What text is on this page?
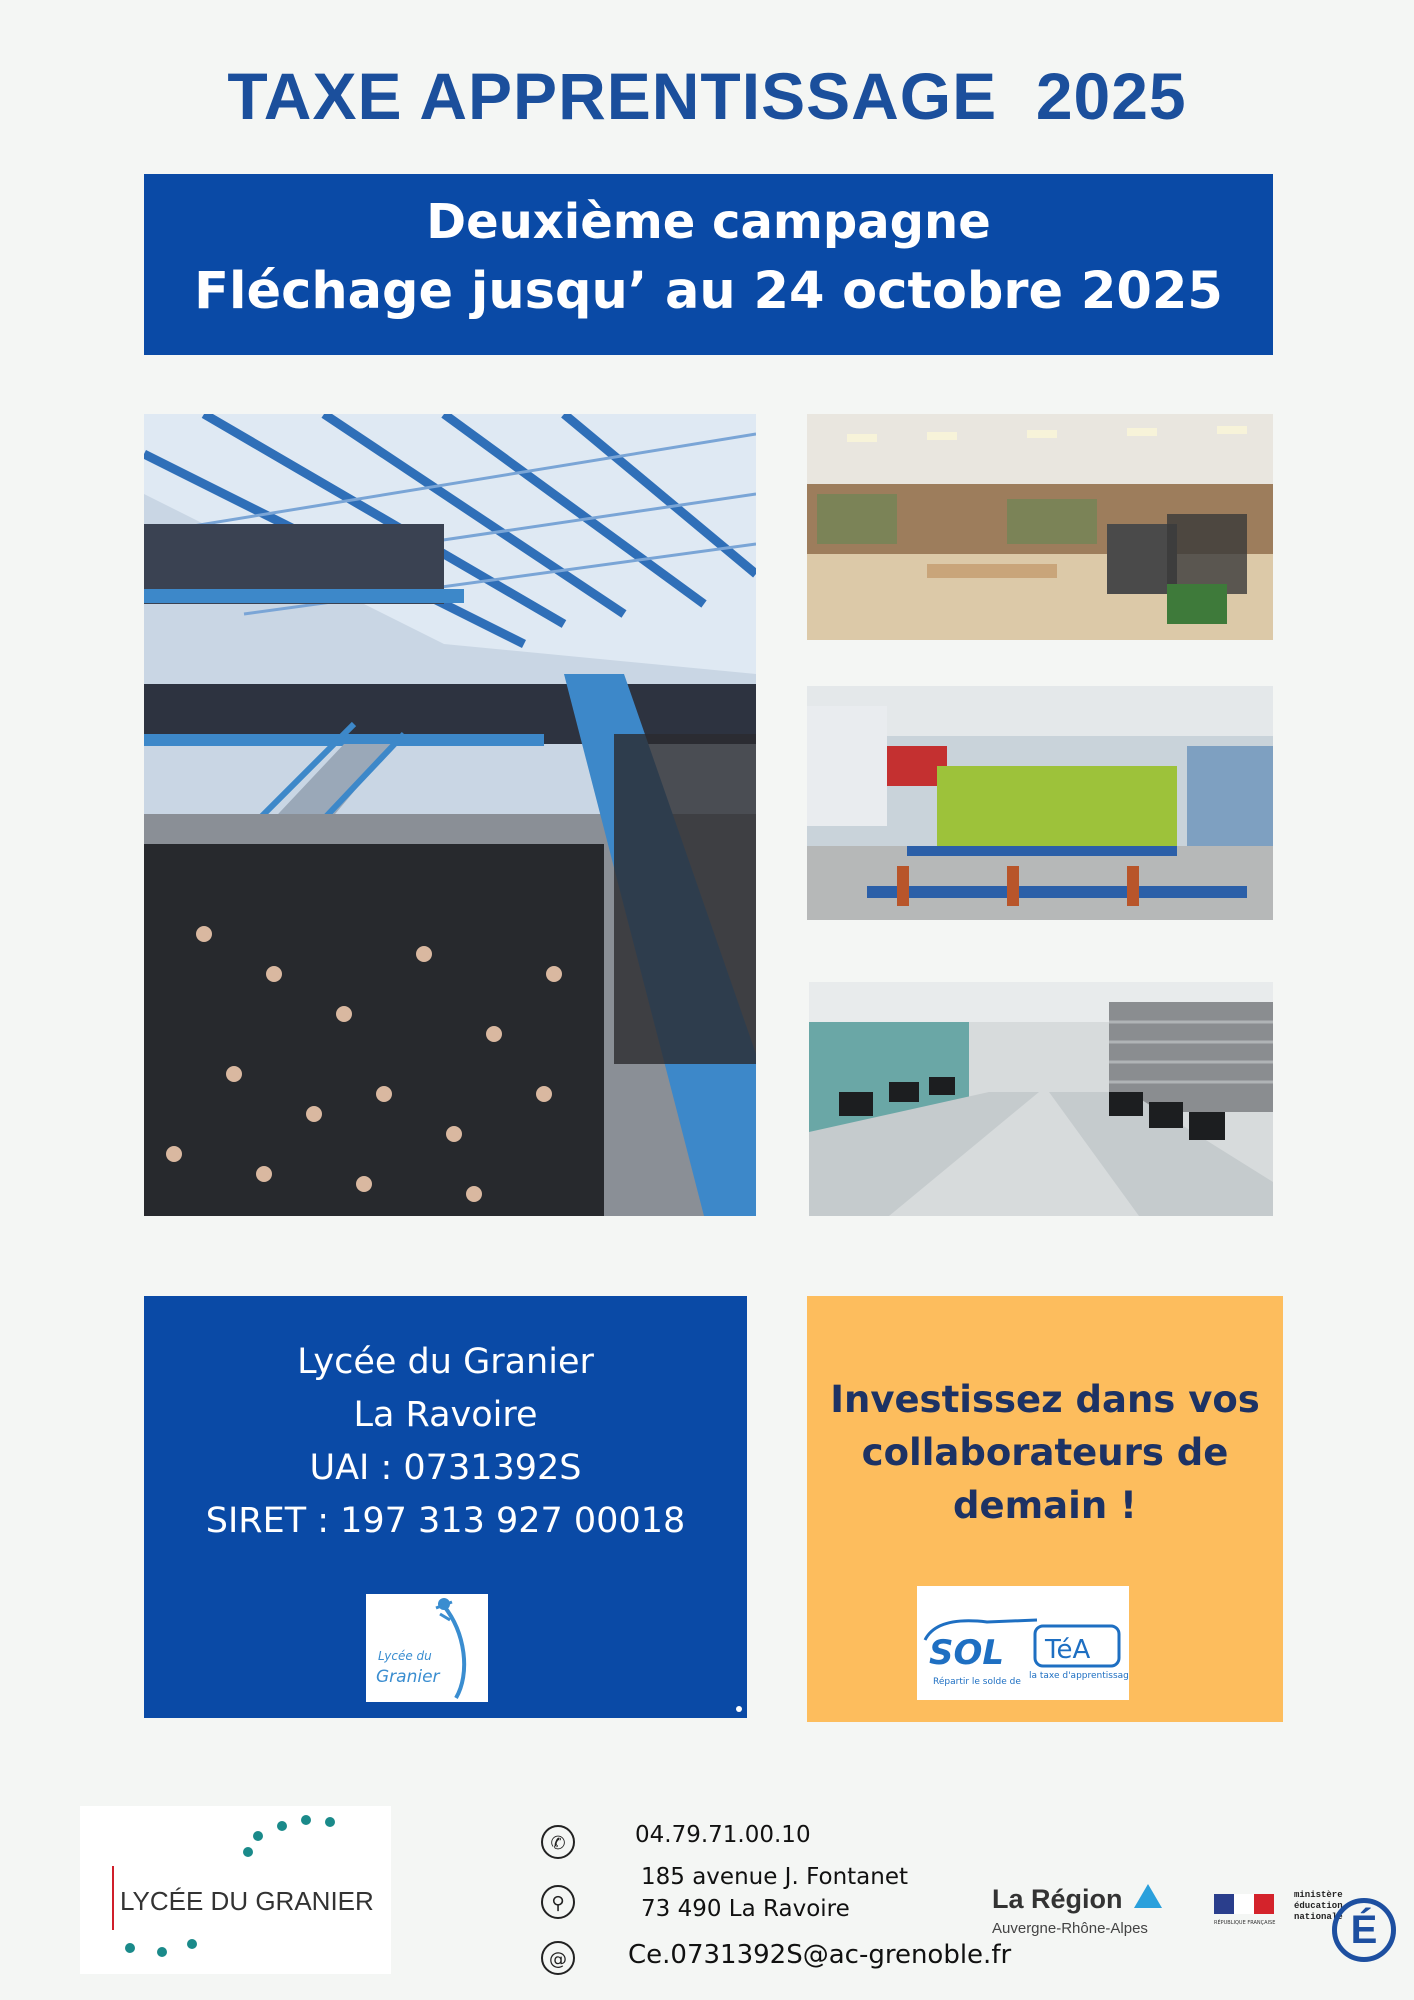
TAXE APPRENTISSAGE  2025
Deuxième campagne
Fléchage jusqu’ au 24 octobre 2025
Lycée du Granier
La Ravoire
UAI : 0731392S
SIRET : 197 313 927 00018
Lycée du
Granier
Investissez dans vos
collaborateurs de
demain !
SOL TéA
Répartir le solde de
la taxe d'apprentissage
LYCÉE DU GRANIER
✆	04.79.71.00.10
⚲
185 avenue J. Fontanet
73 490 La Ravoire
@	Ce.0731392S@ac-grenoble.fr
La Région
Auvergne-Rhône-Alpes	RÉPUBLIQUE FRANÇAISE
ministère éducation nationale É
